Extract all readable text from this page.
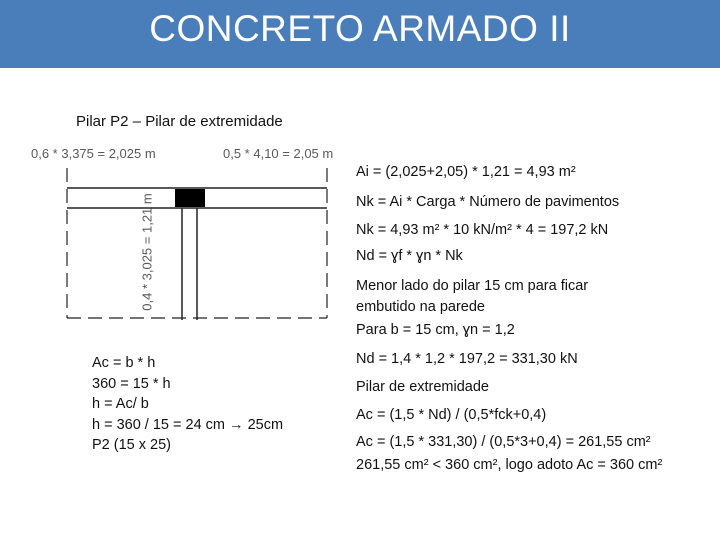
CONCRETO ARMADO II
Pilar P2 – Pilar de extremidade
0,6 * 3,375 = 2,025 m	0,5 * 4,10 = 2,05 m
0,4 * 3,025 = 1,21 m
Ai = (2,025+2,05) * 1,21 = 4,93 m²
Nk = Ai * Carga * Número de pavimentos
Nk = 4,93 m² * 10 kN/m² * 4 = 197,2 kN
Nd = ɣf * ɣn * Nk
Menor lado do pilar 15 cm para ficar
embutido na parede
Para b = 15 cm, ɣn = 1,2
Nd = 1,4 * 1,2 * 197,2 = 331,30 kN
Pilar de extremidade
Ac = (1,5 * Nd) / (0,5*fck+0,4)
Ac = (1,5 * 331,30) / (0,5*3+0,4) = 261,55 cm²
261,55 cm² < 360 cm², logo adoto Ac = 360 cm²
Ac = b * h
360 = 15 * h
h = Ac/ b
h = 360 / 15 = 24 cm → 25cm
P2 (15 x 25)
